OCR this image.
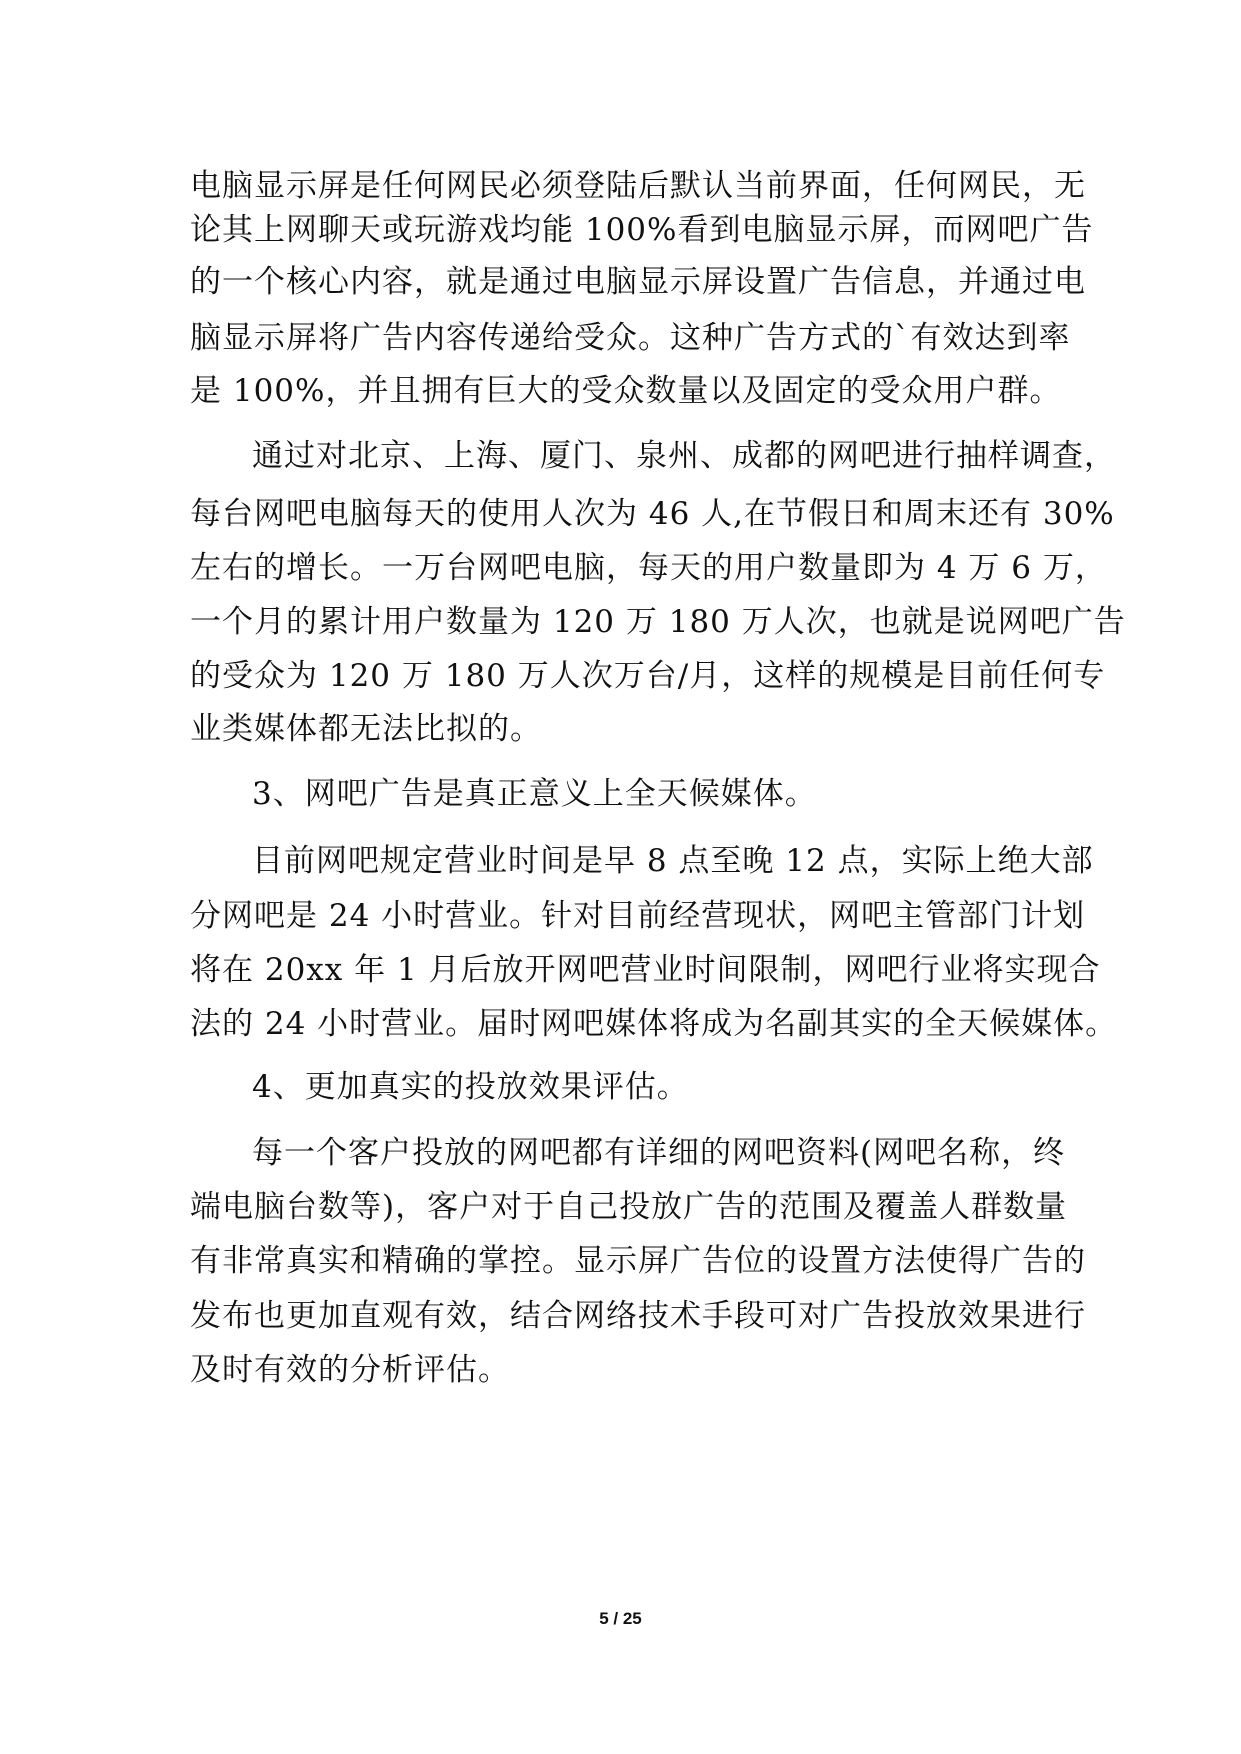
电脑显示屏是任何网民必须登陆后默认当前界面，任何网民，无
论其上网聊天或玩游戏均能 100%看到电脑显示屏，而网吧广告
的一个核心内容，就是通过电脑显示屏设置广告信息，并通过电
脑显示屏将广告内容传递给受众。这种广告方式的`有效达到率
是 100%，并且拥有巨大的受众数量以及固定的受众用户群。
通过对北京、上海、厦门、泉州、成都的网吧进行抽样调查，
每台网吧电脑每天的使用人次为 46 人,在节假日和周末还有 30%
左右的增长。一万台网吧电脑，每天的用户数量即为 4 万 6 万，
一个月的累计用户数量为 120 万 180 万人次，也就是说网吧广告
的受众为 120 万 180 万人次万台/月，这样的规模是目前任何专
业类媒体都无法比拟的。
3、网吧广告是真正意义上全天候媒体。
目前网吧规定营业时间是早 8 点至晚 12 点，实际上绝大部
分网吧是 24 小时营业。针对目前经营现状，网吧主管部门计划
将在 20xx 年 1 月后放开网吧营业时间限制，网吧行业将实现合
法的 24 小时营业。届时网吧媒体将成为名副其实的全天候媒体。
4、更加真实的投放效果评估。
每一个客户投放的网吧都有详细的网吧资料(网吧名称，终
端电脑台数等)，客户对于自己投放广告的范围及覆盖人群数量
有非常真实和精确的掌控。显示屏广告位的设置方法使得广告的
发布也更加直观有效，结合网络技术手段可对广告投放效果进行
及时有效的分析评估。
5 / 25
